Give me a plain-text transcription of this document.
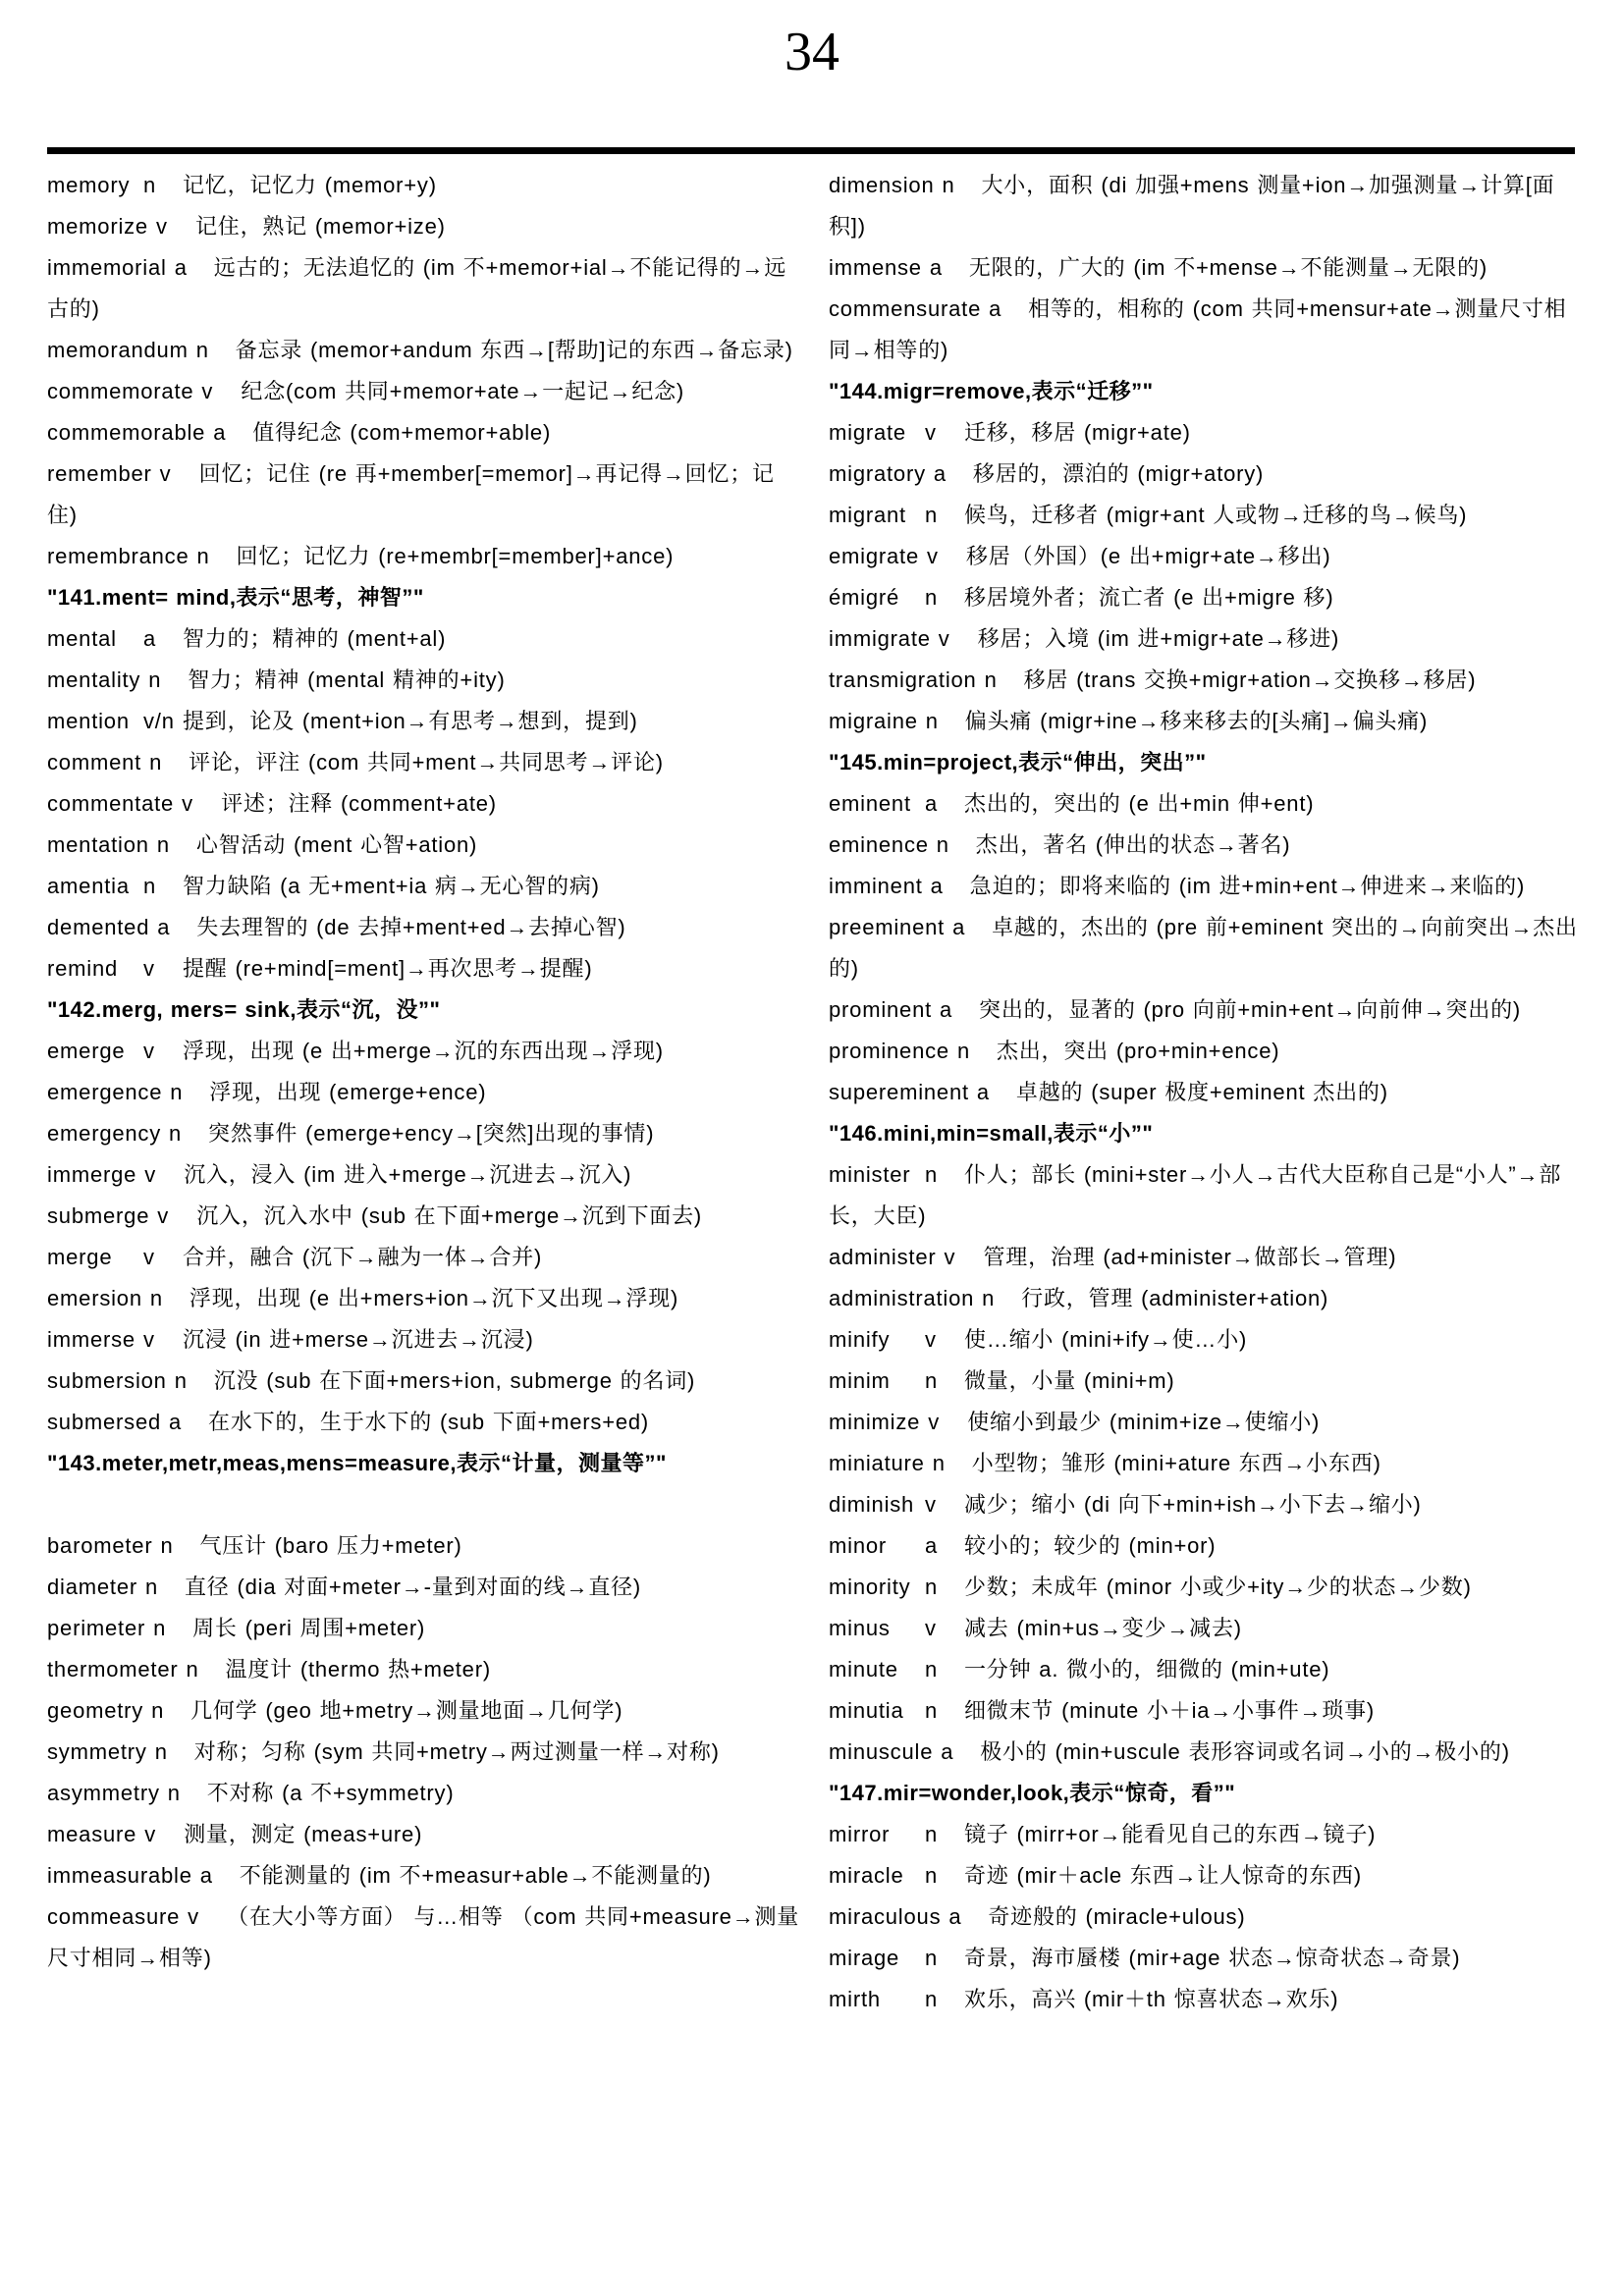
34

memory n 记忆，记忆力 (memor+y)

memorize v 记住，熟记 (memor+ize)

immemorial a 远古的；无法追忆的 (im 不+memor+ial→不能记得的→远古的)

memorandum n 备忘录 (memor+andum 东西→[帮助]记的东西→备忘录)

commemorate v 纪念(com 共同+memor+ate→一起记→纪念)

commemorable a 值得纪念 (com+memor+able)

remember v 回忆；记住 (re 再+member[=memor]→再记得→回忆；记住)

remembrance n 回忆；记忆力 (re+membr[=member]+ance)

"141.ment= mind,表示“思考，神智”"

mental a 智力的；精神的 (ment+al)

mentality n 智力；精神 (mental 精神的+ity)

mention v/n 提到，论及 (ment+ion→有思考→想到，提到)

comment n 评论，评注 (com 共同+ment→共同思考→评论)

commentate v 评述；注释 (comment+ate)

mentation n 心智活动 (ment 心智+ation)

amentia n 智力缺陷 (a 无+ment+ia 病→无心智的病)

demented a 失去理智的 (de 去掉+ment+ed→去掉心智)

remind v 提醒 (re+mind[=ment]→再次思考→提醒)

"142.merg, mers= sink,表示“沉，没”"

emerge v 浮现，出现 (e 出+merge→沉的东西出现→浮现)

emergence n 浮现，出现 (emerge+ence)

emergency n 突然事件 (emerge+ency→[突然]出现的事情)

immerge v 沉入，浸入 (im 进入+merge→沉进去→沉入)

submerge v 沉入，沉入水中 (sub 在下面+merge→沉到下面去)

merge v 合并，融合 (沉下→融为一体→合并)

emersion n 浮现，出现 (e 出+mers+ion→沉下又出现→浮现)

immerse v 沉浸 (in 进+merse→沉进去→沉浸)

submersion n 沉没 (sub 在下面+mers+ion, submerge 的名词)

submersed a 在水下的，生于水下的 (sub 下面+mers+ed)

"143.meter,metr,meas,mens=measure,表示“计量，测量等”"

barometer n 气压计 (baro 压力+meter)

diameter n 直径 (dia 对面+meter→-量到对面的线→直径)

perimeter n 周长 (peri 周围+meter)

thermometer n 温度计 (thermo 热+meter)

geometry n 几何学 (geo 地+metry→测量地面→几何学)

symmetry n 对称；匀称 (sym 共同+metry→两过测量一样→对称)

asymmetry n 不对称 (a 不+symmetry)

measure v 测量，测定 (meas+ure)

immeasurable a 不能测量的 (im 不+measur+able→不能测量的)

commeasure v （在大小等方面） 与…相等 （com 共同+measure→测量尺寸相同→相等)

dimension n 大小，面积 (di 加强+mens 测量+ion→加强测量→计算[面积])

immense a 无限的，广大的 (im 不+mense→不能测量→无限的)

commensurate a 相等的，相称的 (com 共同+mensur+ate→测量尺寸相同→相等的)

"144.migr=remove,表示“迁移”"

migrate v 迁移，移居 (migr+ate)

migratory a 移居的，漂泊的 (migr+atory)

migrant n 候鸟，迁移者 (migr+ant 人或物→迁移的鸟→候鸟)

emigrate v 移居（外国）(e 出+migr+ate→移出)

émigré n 移居境外者；流亡者 (e 出+migre 移)

immigrate v 移居；入境 (im 进+migr+ate→移进)

transmigration n 移居 (trans 交换+migr+ation→交换移→移居)

migraine n 偏头痛 (migr+ine→移来移去的[头痛]→偏头痛)

"145.min=project,表示“伸出，突出”"

eminent a 杰出的，突出的 (e 出+min 伸+ent)

eminence n 杰出，著名 (伸出的状态→著名)

imminent a 急迫的；即将来临的 (im 进+min+ent→伸进来→来临的)

preeminent a 卓越的，杰出的 (pre 前+eminent 突出的→向前突出→杰出的)

prominent a 突出的，显著的 (pro 向前+min+ent→向前伸→突出的)

prominence n 杰出，突出 (pro+min+ence)

supereminent a 卓越的 (super 极度+eminent 杰出的)

"146.mini,min=small,表示“小”"

minister n 仆人；部长 (mini+ster→小人→古代大臣称自己是“小人”→部长，大臣)

administer v 管理，治理 (ad+minister→做部长→管理)

administration n 行政，管理 (administer+ation)

minify v 使…缩小 (mini+ify→使…小)

minim n 微量，小量 (mini+m)

minimize v 使缩小到最少 (minim+ize→使缩小)

miniature n 小型物；雏形 (mini+ature 东西→小东西)

diminish v 减少；缩小 (di 向下+min+ish→小下去→缩小)

minor a 较小的；较少的 (min+or)

minority n 少数；未成年 (minor 小或少+ity→少的状态→少数)

minus v 减去 (min+us→变少→减去)

minute n 一分钟 a. 微小的，细微的 (min+ute)

minutia n 细微末节 (minute 小＋ia→小事件→琐事)

minuscule a 极小的 (min+uscule 表形容词或名词→小的→极小的)

"147.mir=wonder,look,表示“惊奇，看”"

mirror n 镜子 (mirr+or→能看见自己的东西→镜子)

miracle n 奇迹 (mir＋acle 东西→让人惊奇的东西)

miraculous a 奇迹般的 (miracle+ulous)

mirage n 奇景，海市蜃楼 (mir+age 状态→惊奇状态→奇景)

mirth n 欢乐，高兴 (mir＋th 惊喜状态→欢乐)
